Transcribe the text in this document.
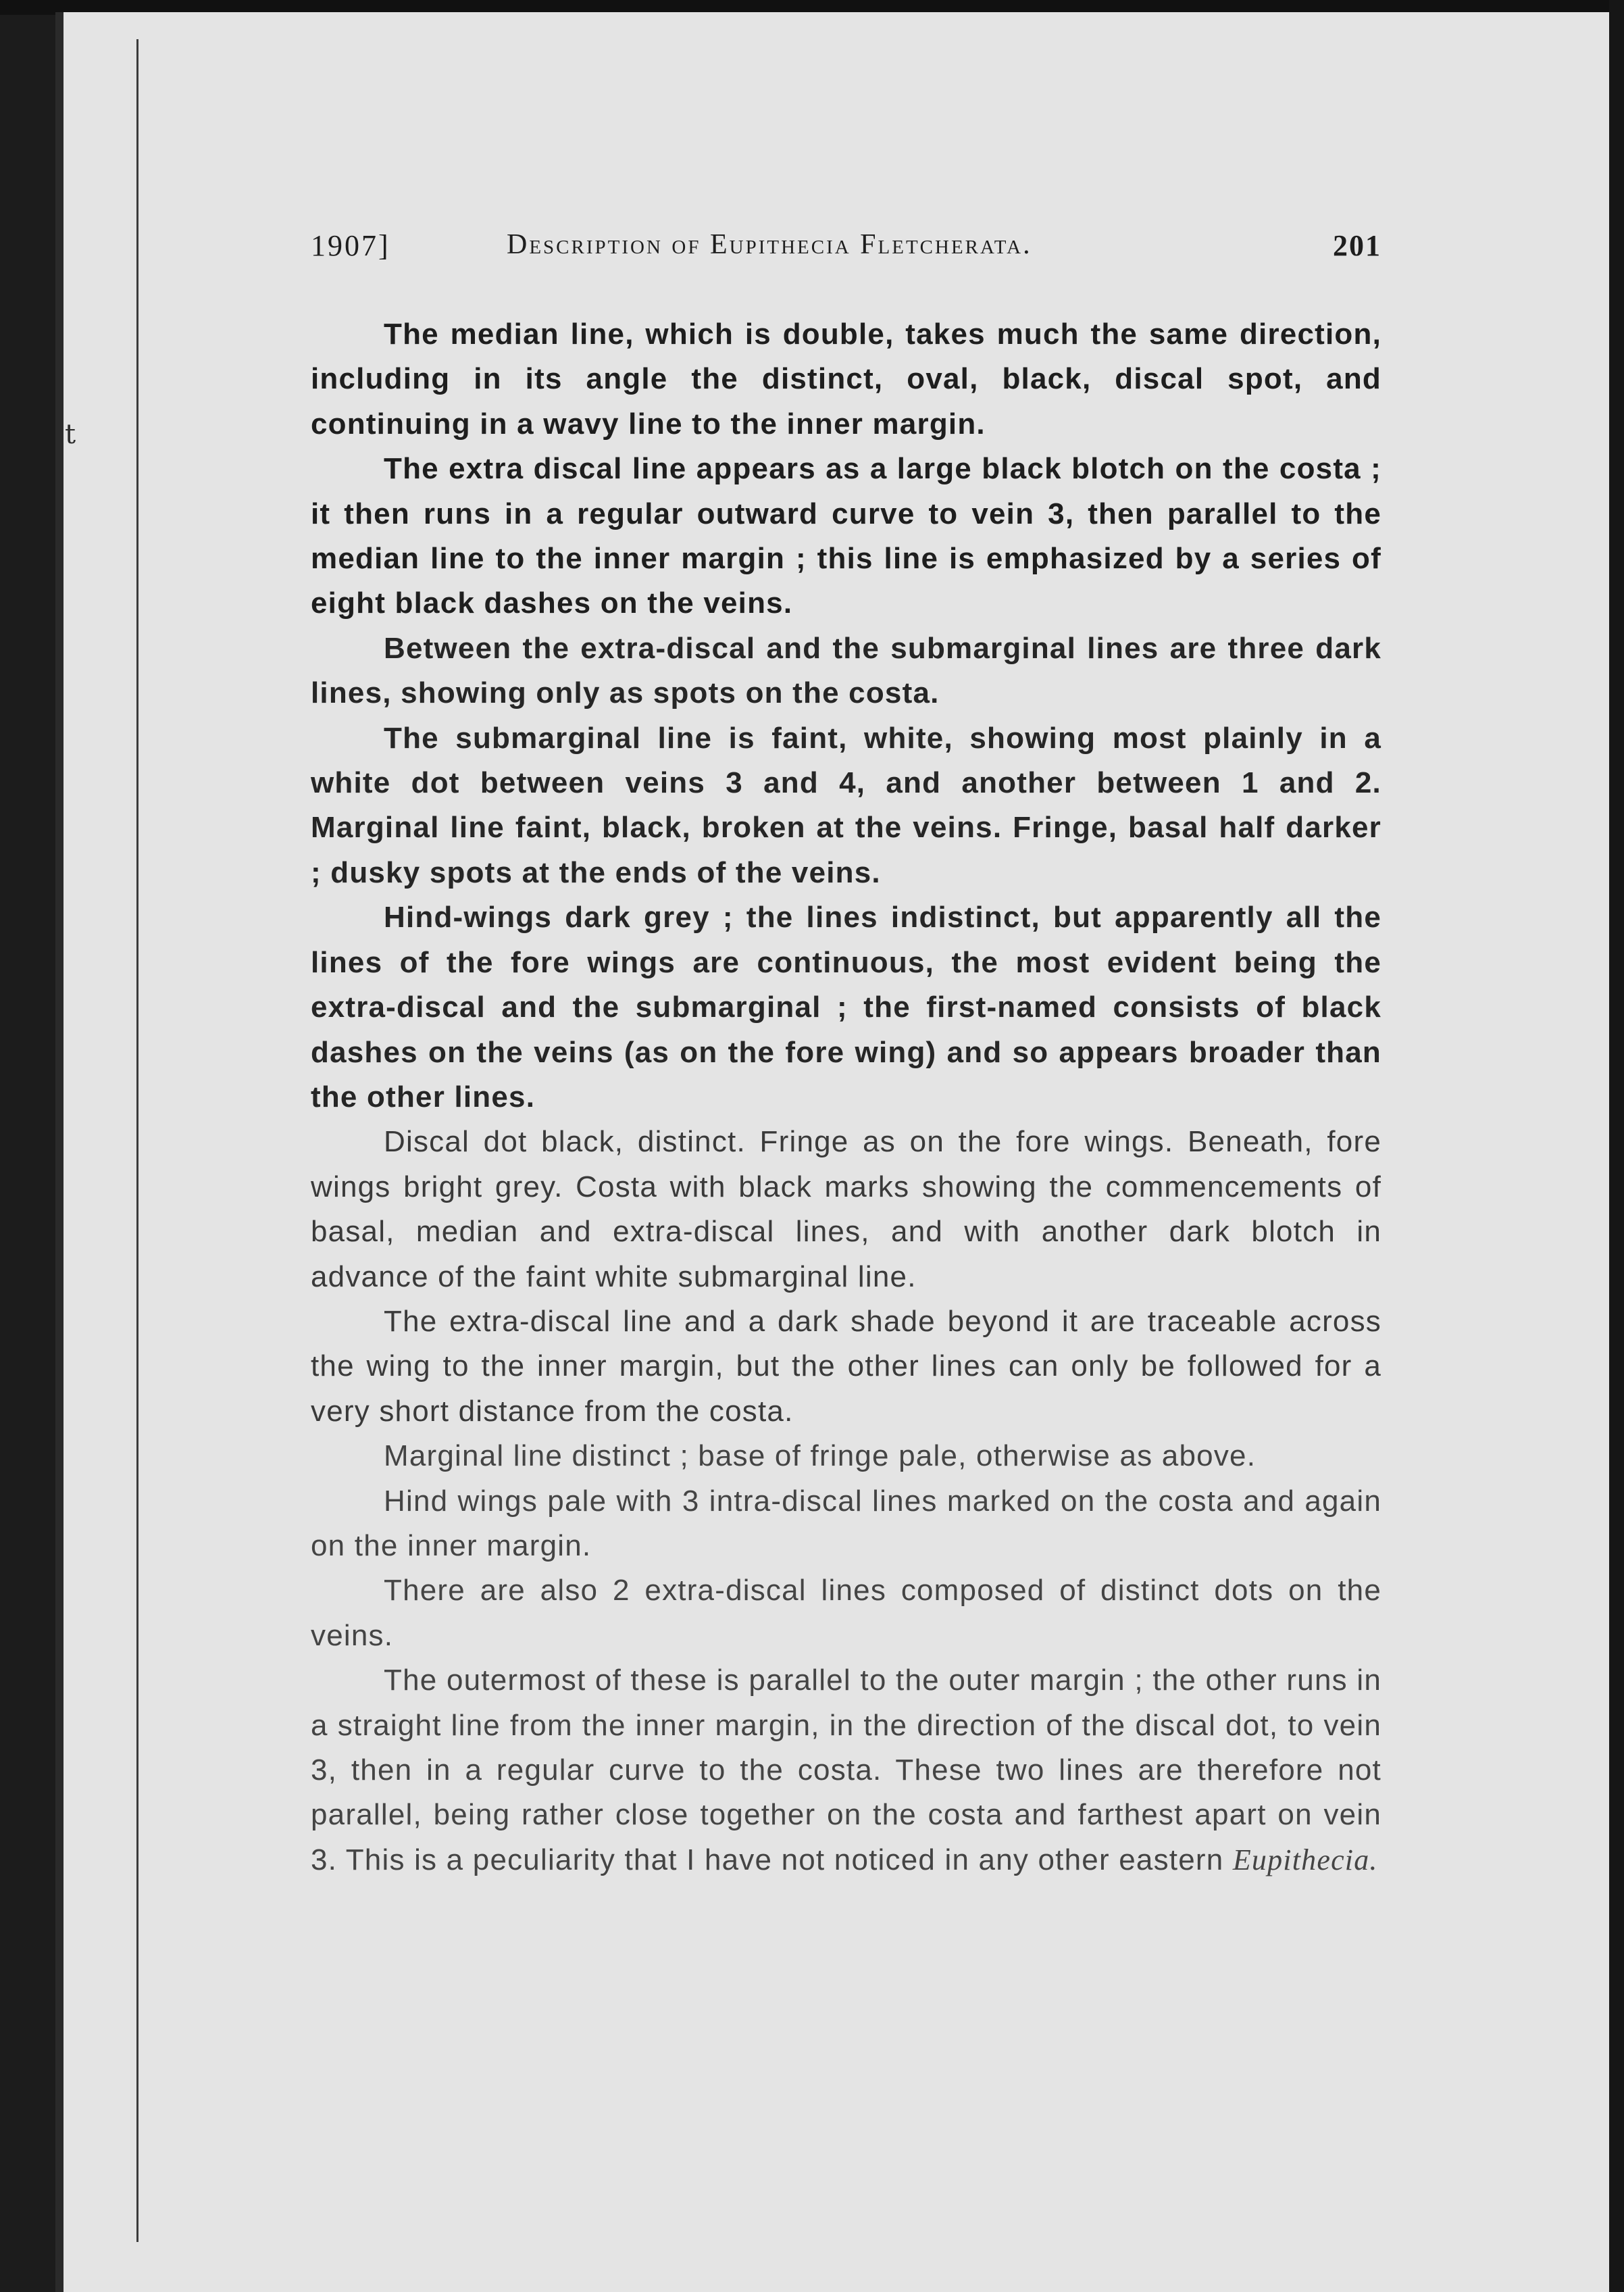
t
1907]	Description of Eupithecia Fletcherata.	201

The median line, which is double, takes much the same direction, including in its angle the distinct, oval, black, discal spot, and continuing in a wavy line to the inner margin.

The extra discal line appears as a large black blotch on the costa ; it then runs in a regular outward curve to vein 3, then parallel to the median line to the inner margin ; this line is emphasized by a series of eight black dashes on the veins.

Between the extra-discal and the submarginal lines are three dark lines, showing only as spots on the costa.

The submarginal line is faint, white, showing most plainly in a white dot between veins 3 and 4, and another between 1 and 2. Marginal line faint, black, broken at the veins. Fringe, basal half darker ; dusky spots at the ends of the veins.

Hind-wings dark grey ; the lines indistinct, but apparently all the lines of the fore wings are continuous, the most evident being the extra-discal and the submarginal ; the first-named consists of black dashes on the veins (as on the fore wing) and so appears broader than the other lines.

Discal dot black, distinct. Fringe as on the fore wings. Beneath, fore wings bright grey. Costa with black marks showing the commencements of basal, median and extra-discal lines, and with another dark blotch in advance of the faint white submarginal line.

The extra-discal line and a dark shade beyond it are traceable across the wing to the inner margin, but the other lines can only be followed for a very short distance from the costa.

Marginal line distinct ; base of fringe pale, otherwise as above.

Hind wings pale with 3 intra-discal lines marked on the costa and again on the inner margin.

There are also 2 extra-discal lines composed of distinct dots on the veins.

The outermost of these is parallel to the outer margin ; the other runs in a straight line from the inner margin, in the direction of the discal dot, to vein 3, then in a regular curve to the costa. These two lines are therefore not parallel, being rather close together on the costa and farthest apart on vein 3. This is a peculiarity that I have not noticed in any other eastern Eupithecia.
